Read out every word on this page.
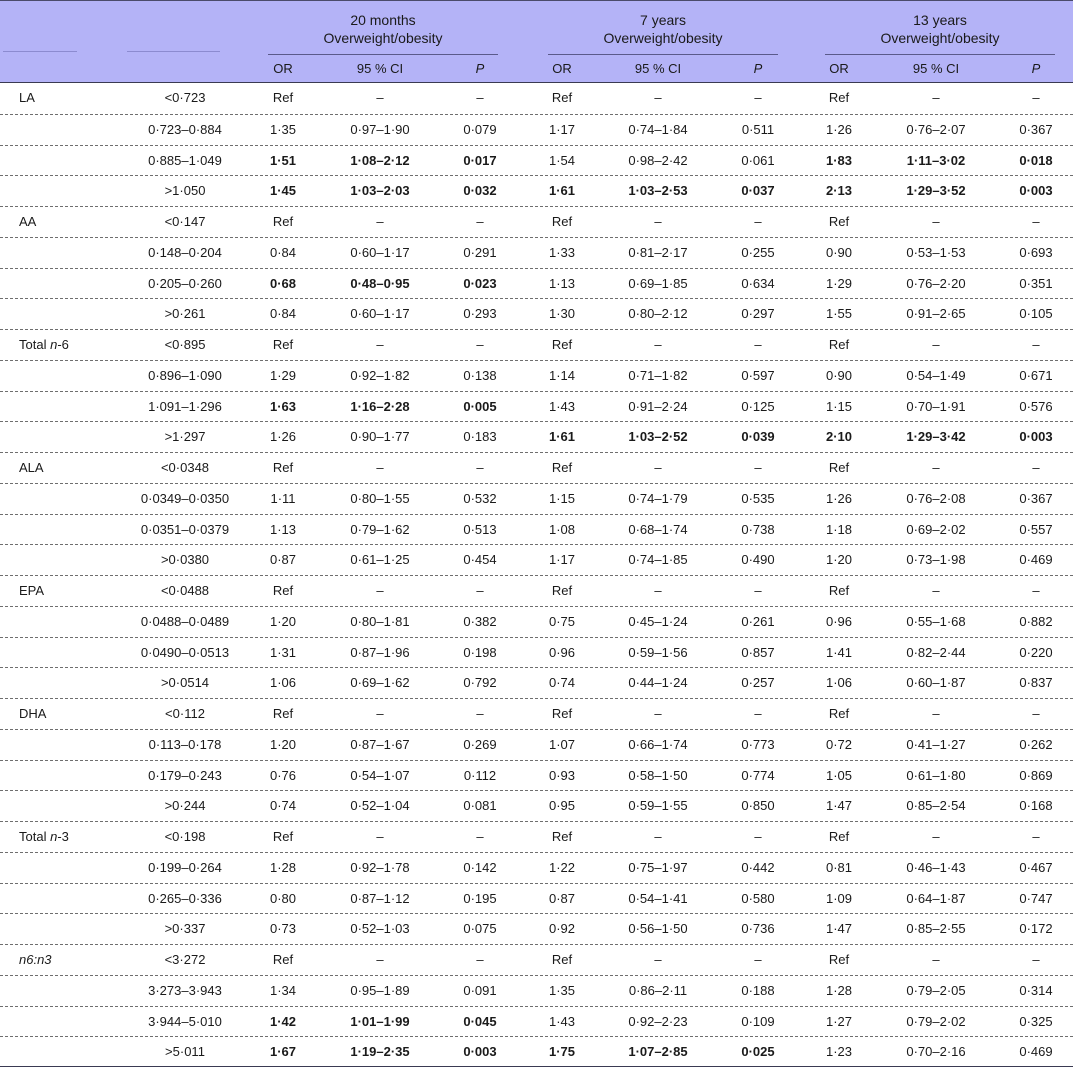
20 months
Overweight/obesity
7 years
Overweight/obesity
13 years
Overweight/obesity
OR	95 % CI	P	OR	95 % CI	P	OR	95 % CI	P
LA	<0·723	Ref	–	–	Ref	–	–	Ref	–	–
0·723–0·884	1·35	0·97–1·90	0·079	1·17	0·74–1·84	0·511	1·26	0·76–2·07	0·367
0·885–1·049	1·51	1·08–2·12	0·017	1·54	0·98–2·42	0·061	1·83	1·11–3·02	0·018
>1·050	1·45	1·03–2·03	0·032	1·61	1·03–2·53	0·037	2·13	1·29–3·52	0·003
AA	<0·147	Ref	–	–	Ref	–	–	Ref	–	–
0·148–0·204	0·84	0·60–1·17	0·291	1·33	0·81–2·17	0·255	0·90	0·53–1·53	0·693
0·205–0·260	0·68	0·48–0·95	0·023	1·13	0·69–1·85	0·634	1·29	0·76–2·20	0·351
>0·261	0·84	0·60–1·17	0·293	1·30	0·80–2·12	0·297	1·55	0·91–2·65	0·105
Total n-6	<0·895	Ref	–	–	Ref	–	–	Ref	–	–
0·896–1·090	1·29	0·92–1·82	0·138	1·14	0·71–1·82	0·597	0·90	0·54–1·49	0·671
1·091–1·296	1·63	1·16–2·28	0·005	1·43	0·91–2·24	0·125	1·15	0·70–1·91	0·576
>1·297	1·26	0·90–1·77	0·183	1·61	1·03–2·52	0·039	2·10	1·29–3·42	0·003
ALA	<0·0348	Ref	–	–	Ref	–	–	Ref	–	–
0·0349–0·0350	1·11	0·80–1·55	0·532	1·15	0·74–1·79	0·535	1·26	0·76–2·08	0·367
0·0351–0·0379	1·13	0·79–1·62	0·513	1·08	0·68–1·74	0·738	1·18	0·69–2·02	0·557
>0·0380	0·87	0·61–1·25	0·454	1·17	0·74–1·85	0·490	1·20	0·73–1·98	0·469
EPA	<0·0488	Ref	–	–	Ref	–	–	Ref	–	–
0·0488–0·0489	1·20	0·80–1·81	0·382	0·75	0·45–1·24	0·261	0·96	0·55–1·68	0·882
0·0490–0·0513	1·31	0·87–1·96	0·198	0·96	0·59–1·56	0·857	1·41	0·82–2·44	0·220
>0·0514	1·06	0·69–1·62	0·792	0·74	0·44–1·24	0·257	1·06	0·60–1·87	0·837
DHA	<0·112	Ref	–	–	Ref	–	–	Ref	–	–
0·113–0·178	1·20	0·87–1·67	0·269	1·07	0·66–1·74	0·773	0·72	0·41–1·27	0·262
0·179–0·243	0·76	0·54–1·07	0·112	0·93	0·58–1·50	0·774	1·05	0·61–1·80	0·869
>0·244	0·74	0·52–1·04	0·081	0·95	0·59–1·55	0·850	1·47	0·85–2·54	0·168
Total n-3	<0·198	Ref	–	–	Ref	–	–	Ref	–	–
0·199–0·264	1·28	0·92–1·78	0·142	1·22	0·75–1·97	0·442	0·81	0·46–1·43	0·467
0·265–0·336	0·80	0·87–1·12	0·195	0·87	0·54–1·41	0·580	1·09	0·64–1·87	0·747
>0·337	0·73	0·52–1·03	0·075	0·92	0·56–1·50	0·736	1·47	0·85–2·55	0·172
n6:n3	<3·272	Ref	–	–	Ref	–	–	Ref	–	–
3·273–3·943	1·34	0·95–1·89	0·091	1·35	0·86–2·11	0·188	1·28	0·79–2·05	0·314
3·944–5·010	1·42	1·01–1·99	0·045	1·43	0·92–2·23	0·109	1·27	0·79–2·02	0·325
>5·011	1·67	1·19–2·35	0·003	1·75	1·07–2·85	0·025	1·23	0·70–2·16	0·469
